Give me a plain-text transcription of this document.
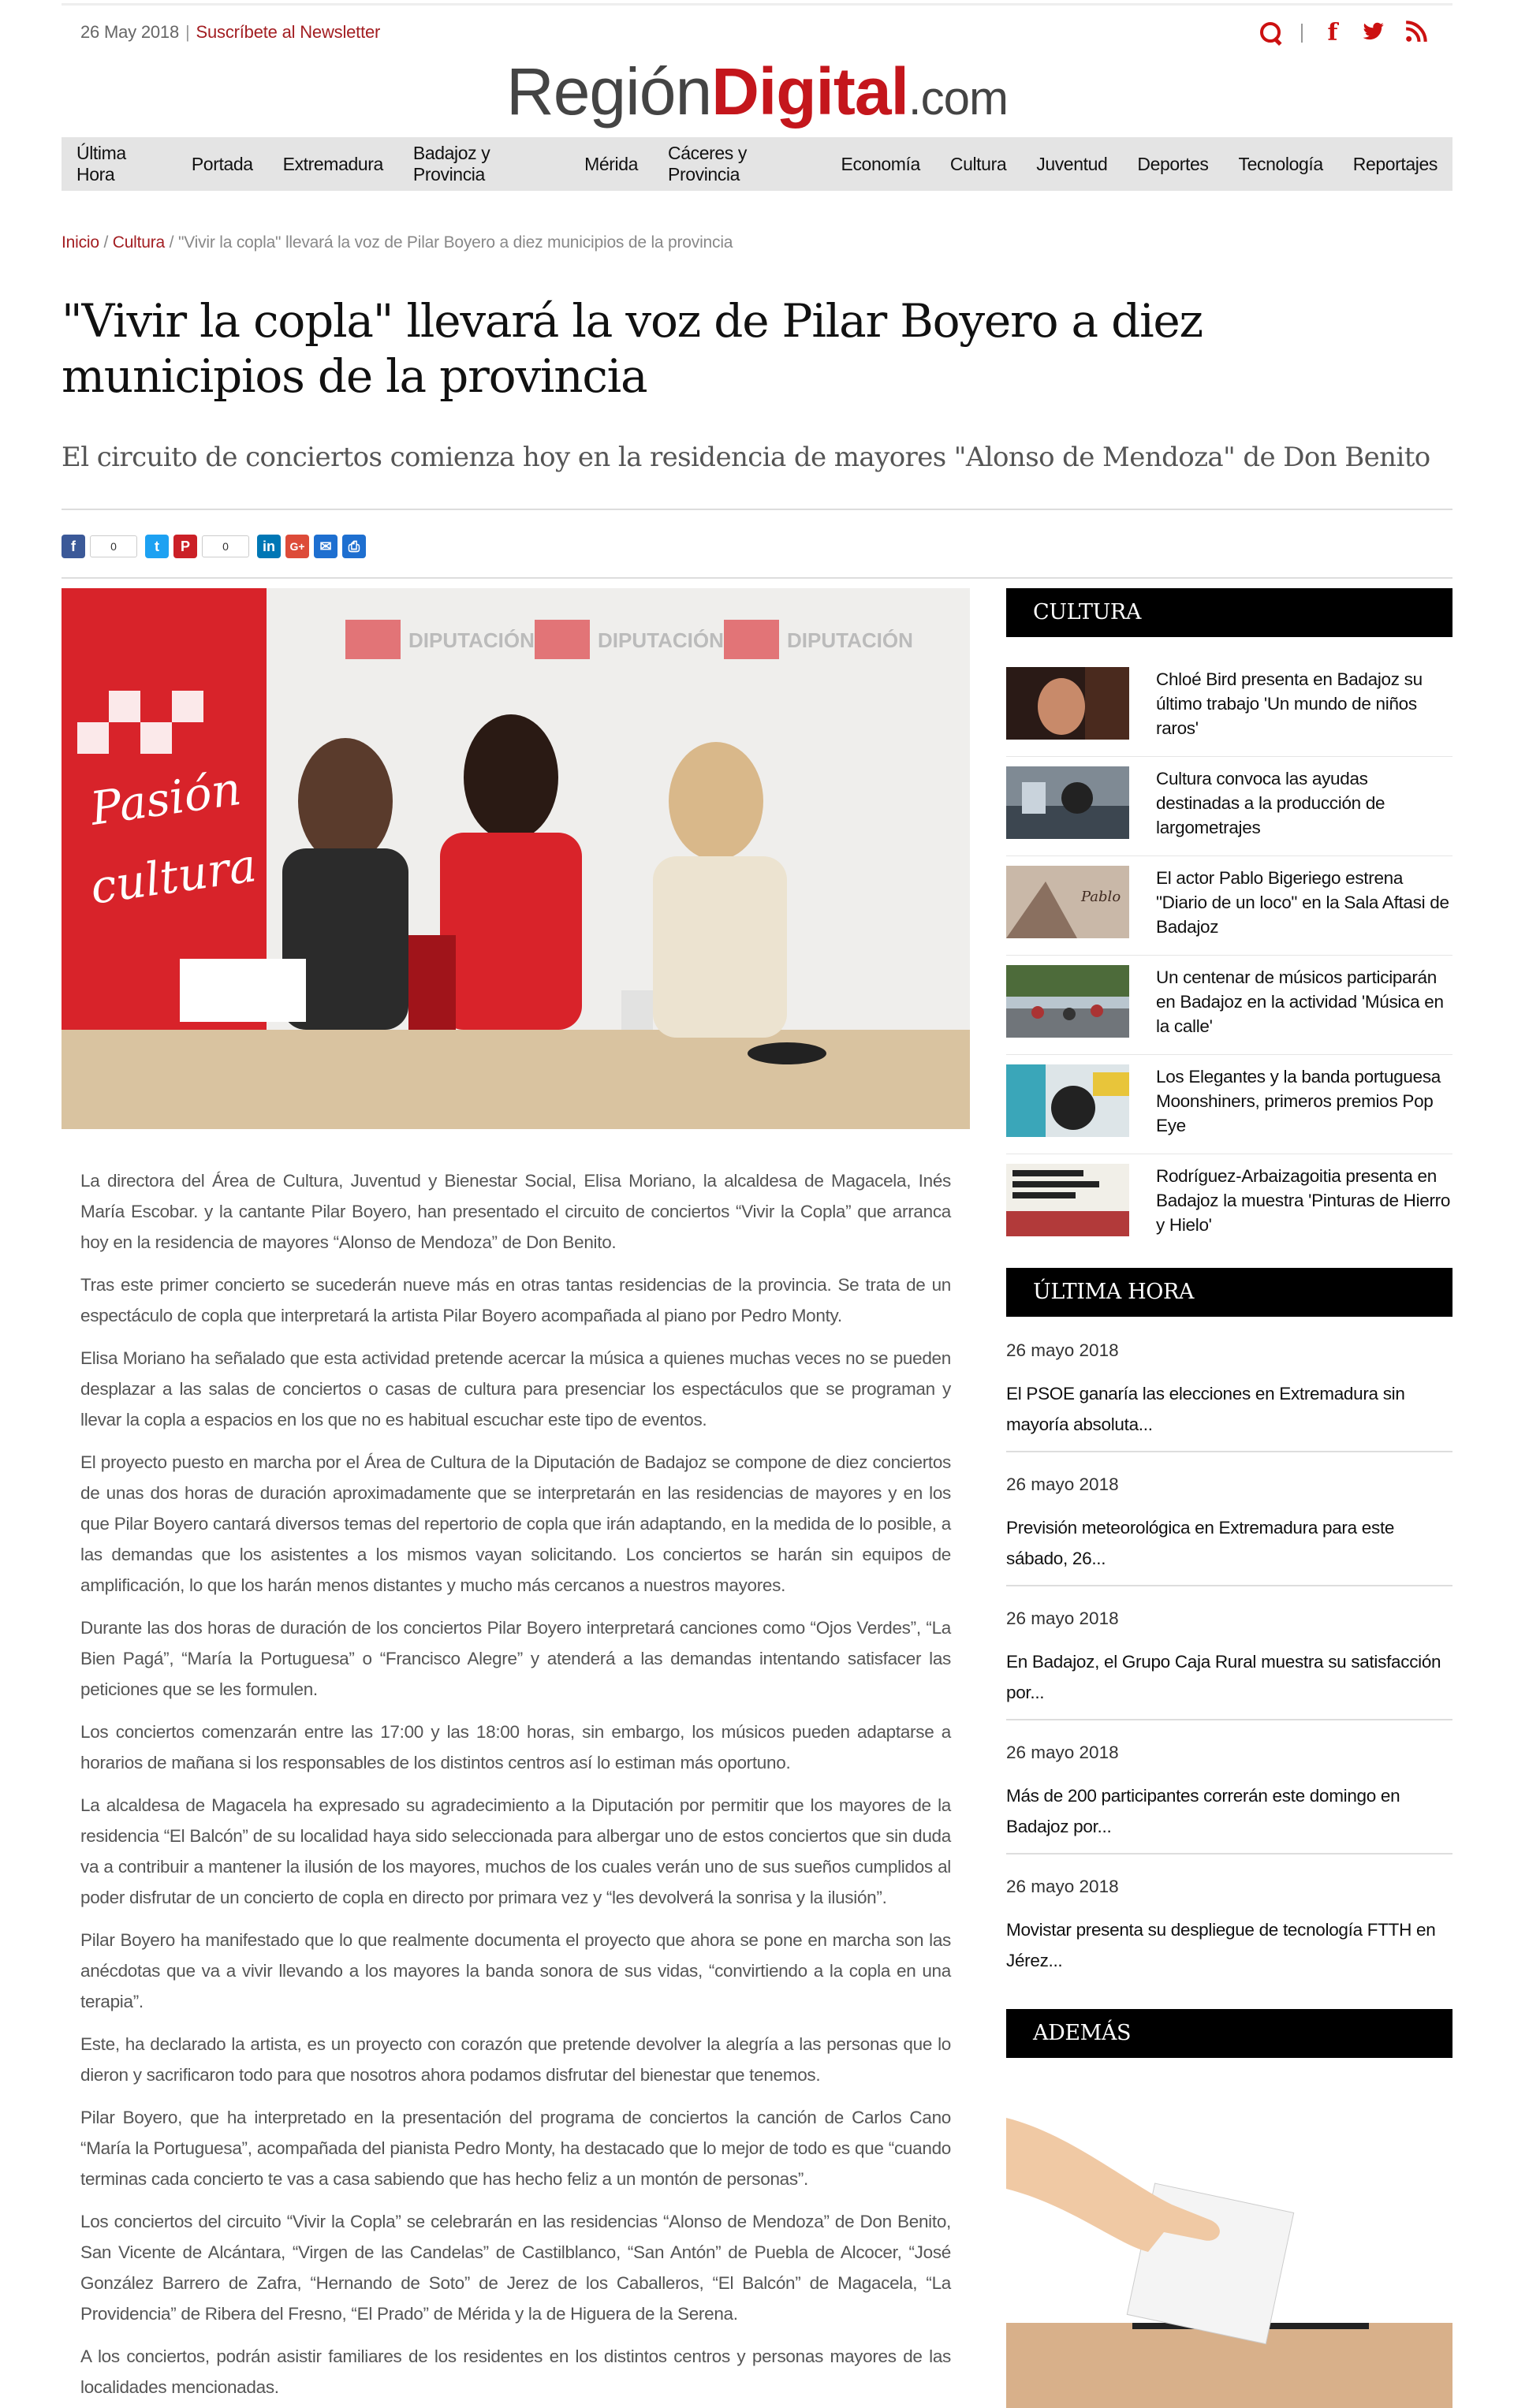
26 May 2018 | Suscríbete al Newsletter	f
RegiónDigital.com
Última Hora
Portada	Extremadura
Badajoz y Provincia
Mérida
Cáceres y Provincia
Economía	Cultura	Juventud	Deportes	Tecnología	Reportajes
Inicio / Cultura / "Vivir la copla" llevará la voz de Pilar Boyero a diez municipios de la provincia
"Vivir la copla" llevará la voz de Pilar Boyero a diez municipios de la provincia
El circuito de conciertos comienza hoy en la residencia de mayores "Alonso de Mendoza" de Don Benito
f	0	t	P	0	in	G+	✉	⎙
Pasión
cultura
DIPUTACIÓN	DIPUTACIÓN	DIPUTACIÓN

La directora del Área de Cultura, Juventud y Bienestar Social, Elisa Moriano, la alcaldesa de Magacela, Inés María Escobar. y la cantante Pilar Boyero, han presentado el circuito de conciertos “Vivir la Copla” que arranca hoy en la residencia de mayores “Alonso de Mendoza” de Don Benito.

Tras este primer concierto se sucederán nueve más en otras tantas residencias de la provincia. Se trata de un espectáculo de copla que interpretará la artista Pilar Boyero acompañada al piano por Pedro Monty.

Elisa Moriano ha señalado que esta actividad pretende acercar la música a quienes muchas veces no se pueden desplazar a las salas de conciertos o casas de cultura para presenciar los espectáculos que se programan y llevar la copla a espacios en los que no es habitual escuchar este tipo de eventos.

El proyecto puesto en marcha por el Área de Cultura de la Diputación de Badajoz se compone de diez conciertos de unas dos horas de duración aproximadamente que se interpretarán en las residencias de mayores y en los que Pilar Boyero cantará diversos temas del repertorio de copla que irán adaptando, en la medida de lo posible, a las demandas que los asistentes a los mismos vayan solicitando. Los conciertos se harán sin equipos de amplificación, lo que los harán menos distantes y mucho más cercanos a nuestros mayores.

Durante las dos horas de duración de los conciertos Pilar Boyero interpretará canciones como “Ojos Verdes”, “La Bien Pagá”, “María la Portuguesa” o “Francisco Alegre” y atenderá a las demandas intentando satisfacer las peticiones que se les formulen.

Los conciertos comenzarán entre las 17:00 y las 18:00 horas, sin embargo, los músicos pueden adaptarse a horarios de mañana si los responsables de los distintos centros así lo estiman más oportuno.

La alcaldesa de Magacela ha expresado su agradecimiento a la Diputación por permitir que los mayores de la residencia “El Balcón” de su localidad haya sido seleccionada para albergar uno de estos conciertos que sin duda va a contribuir a mantener la ilusión de los mayores, muchos de los cuales verán uno de sus sueños cumplidos al poder disfrutar de un concierto de copla en directo por primara vez y “les devolverá la sonrisa y la ilusión”.

Pilar Boyero ha manifestado que lo que realmente documenta el proyecto que ahora se pone en marcha son las anécdotas que va a vivir llevando a los mayores la banda sonora de sus vidas, “convirtiendo a la copla en una terapia”.

Este, ha declarado la artista, es un proyecto con corazón que pretende devolver la alegría a las personas que lo dieron y sacrificaron todo para que nosotros ahora podamos disfrutar del bienestar que tenemos.

Pilar Boyero, que ha interpretado en la presentación del programa de conciertos la canción de Carlos Cano “María la Portuguesa”, acompañada del pianista Pedro Monty, ha destacado que lo mejor de todo es que “cuando terminas cada concierto te vas a casa sabiendo que has hecho feliz a un montón de personas”.

Los conciertos del circuito “Vivir la Copla” se celebrarán en las residencias “Alonso de Mendoza” de Don Benito, San Vicente de Alcántara, “Virgen de las Candelas” de Castilblanco, “San Antón” de Puebla de Alcocer, “José González Barrero de Zafra, “Hernando de Soto” de Jerez de los Caballeros, “El Balcón” de Magacela, “La Providencia” de Ribera del Fresno, “El Prado” de Mérida y la de Higuera de la Serena.

A los conciertos, podrán asistir familiares de los residentes en los distintos centros y personas mayores de las localidades mencionadas.

CULTURA
Chloé Bird presenta en Badajoz su último trabajo 'Un mundo de niños raros'
Cultura convoca las ayudas destinadas a la producción de largometrajes
Pablo
El actor Pablo Bigeriego estrena "Diario de un loco" en la Sala Aftasi de Badajoz
Un centenar de músicos participarán en Badajoz en la actividad 'Música en la calle'
Los Elegantes y la banda portuguesa Moonshiners, primeros premios Pop Eye
Rodríguez-Arbaizagoitia presenta en Badajoz la muestra 'Pinturas de Hierro y Hielo'
ÚLTIMA HORA
26 mayo 2018
El PSOE ganaría las elecciones en Extremadura sin mayoría absoluta...
26 mayo 2018
Previsión meteorológica en Extremadura para este sábado, 26...
26 mayo 2018
En Badajoz, el Grupo Caja Rural muestra su satisfacción por...
26 mayo 2018
Más de 200 participantes correrán este domingo en Badajoz por...
26 mayo 2018
Movistar presenta su despliegue de tecnología FTTH en Jérez...
ADEMÁS
